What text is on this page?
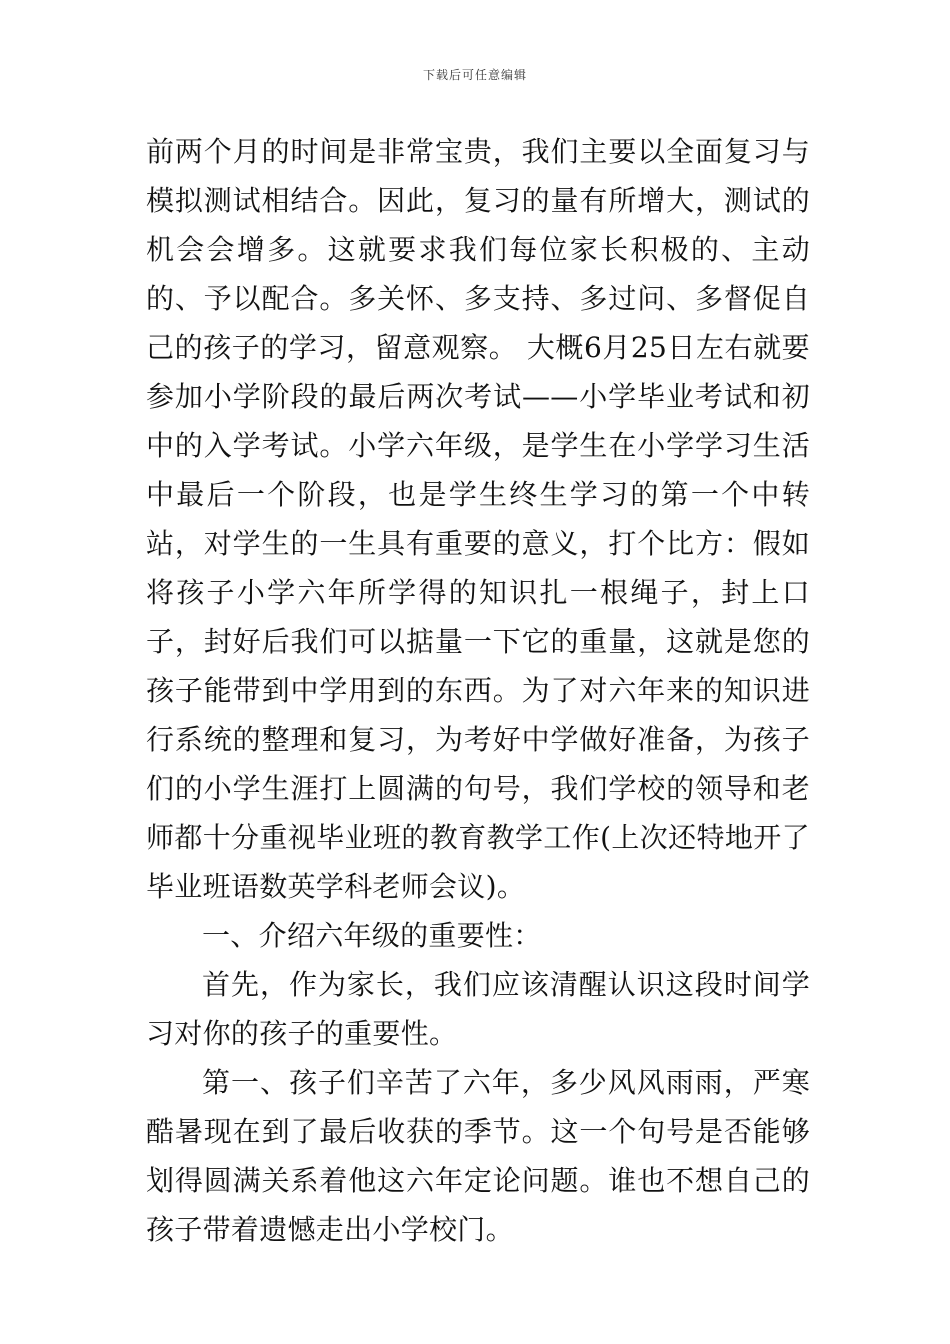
下载后可任意编辑

前两个月的时间是非常宝贵，我们主要以全面复习与模拟测试相结合。因此，复习的量有所增大，测试的机会会增多。这就要求我们每位家长积极的、主动的、予以配合。多关怀、多支持、多过问、多督促自己的孩子的学习，留意观察。 大概6月25日左右就要参加小学阶段的最后两次考试——小学毕业考试和初中的入学考试。小学六年级，是学生在小学学习生活中最后一个阶段，也是学生终生学习的第一个中转站，对学生的一生具有重要的意义，打个比方：假如将孩子小学六年所学得的知识扎一根绳子，封上口子，封好后我们可以掂量一下它的重量，这就是您的孩子能带到中学用到的东西。为了对六年来的知识进行系统的整理和复习，为考好中学做好准备，为孩子们的小学生涯打上圆满的句号，我们学校的领导和老师都十分重视毕业班的教育教学工作(上次还特地开了毕业班语数英学科老师会议)。

一、介绍六年级的重要性：

首先，作为家长，我们应该清醒认识这段时间学习对你的孩子的重要性。

第一、孩子们辛苦了六年，多少风风雨雨，严寒酷暑现在到了最后收获的季节。这一个句号是否能够划得圆满关系着他这六年定论问题。谁也不想自己的孩子带着遗憾走出小学校门。
